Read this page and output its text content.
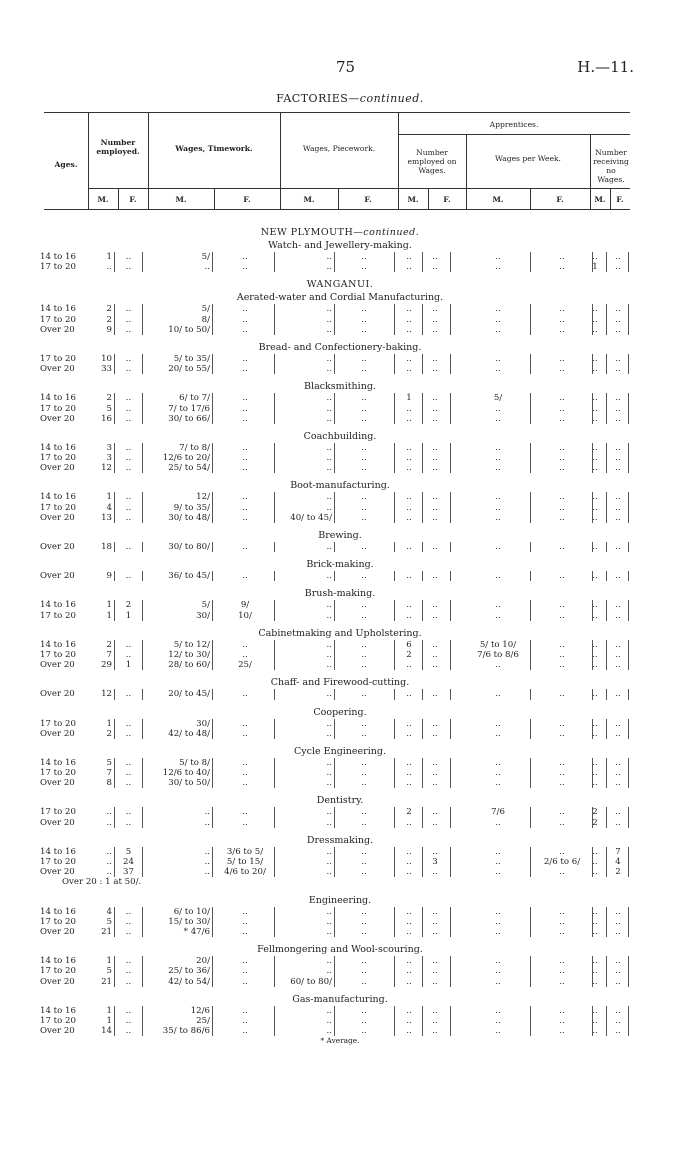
75	H.—11.
FACTORIES—continued.
Ages.
Number employed.	Wages, Timework.	Wages, Piecework.
Apprentices.
Number employed on Wages.
Wages per Week.
Number receiving no Wages.
M.	F.	M.	F.	M.	F.	M.	F.	M.	F.	M.	F.
NEW PLYMOUTH—continued.
Watch- and Jewellery-making.
14 to 16	1	..	5/	..	..	..	..	..	..	..	..	..
17 to 20	..	..	..	..	..	..	..	..	..	..	1	..
WANGANUI.
Aerated-water and Cordial Manufacturing.
14 to 16	2	..	5/	..	..	..	..	..	..	..	..	..
17 to 20	2	..	8/	..	..	..	..	..	..	..	..	..
Over 20	9	..	10/ to 50/	..	..	..	..	..	..	..	..	..
Bread- and Confectionery-baking.
17 to 20	10	..	5/ to 35/	..	..	..	..	..	..	..	..	..
Over 20	33	..	20/ to 55/	..	..	..	..	..	..	..	..	..
Blacksmithing.
14 to 16	2	..	6/ to 7/	..	..	..	1	..	5/	..	..	..
17 to 20	5	..	7/ to 17/6	..	..	..	..	..	..	..	..	..
Over 20	16	..	30/ to 66/	..	..	..	..	..	..	..	..	..
Coachbuilding.
14 to 16	3	..	7/ to 8/	..	..	..	..	..	..	..	..	..
17 to 20	3	..	12/6 to 20/	..	..	..	..	..	..	..	..	..
Over 20	12	..	25/ to 54/	..	..	..	..	..	..	..	..	..
Boot-manufacturing.
14 to 16	1	..	12/	..	..	..	..	..	..	..	..	..
17 to 20	4	..	9/ to 35/	..	..	..	..	..	..	..	..	..
Over 20	13	..	30/ to 48/	..	40/ to 45/	..	..	..	..	..	..	..
Brewing.
Over 20	18	..	30/ to 80/	..	..	..	..	..	..	..	..	..
Brick-making.
Over 20	9	..	36/ to 45/	..	..	..	..	..	..	..	..	..
Brush-making.
14 to 16	1	2	5/	9/	..	..	..	..	..	..	..	..
17 to 20	1	1	30/	10/	..	..	..	..	..	..	..	..
Cabinetmaking and Upholstering.
14 to 16	2	..	5/ to 12/	..	..	..	6	..	5/ to 10/	..	..	..
17 to 20	7	..	12/ to 30/	..	..	..	2	..	7/6 to 8/6	..	..	..
Over 20	29	1	28/ to 60/	25/	..	..	..	..	..	..	..	..
Chaff- and Firewood-cutting.
Over 20	12	..	20/ to 45/	..	..	..	..	..	..	..	..	..
Coopering.
17 to 20	1	..	30/	..	..	..	..	..	..	..	..	..
Over 20	2	..	42/ to 48/	..	..	..	..	..	..	..	..	..
Cycle Engineering.
14 to 16	5	..	5/ to 8/	..	..	..	..	..	..	..	..	..
17 to 20	7	..	12/6 to 40/	..	..	..	..	..	..	..	..	..
Over 20	8	..	30/ to 50/	..	..	..	..	..	..	..	..	..
Dentistry.
17 to 20	..	..	..	..	..	..	2	..	7/6	..	2	..
Over 20	..	..	..	..	..	..	..	..	..	..	2	..
Dressmaking.
14 to 16	..	5	..	3/6 to 5/	..	..	..	..	..	..	..	7
17 to 20	..	24	..	5/ to 15/	..	..	..	3	..	2/6 to 6/	..	4
Over 20	..	37	..	4/6 to 20/	..	..	..	..	..	..	..	2
Over 20 : 1 at 50/.
Engineering.
14 to 16	4	..	6/ to 10/	..	..	..	..	..	..	..	..	..
17 to 20	5	..	15/ to 30/	..	..	..	..	..	..	..	..	..
Over 20	21	..	* 47/6	..	..	..	..	..	..	..	..	..
Fellmongering and Wool-scouring.
14 to 16	1	..	20/	..	..	..	..	..	..	..	..	..
17 to 20	5	..	25/ to 36/	..	..	..	..	..	..	..	..	..
Over 20	21	..	42/ to 54/	..	60/ to 80/	..	..	..	..	..	..	..
Gas-manufacturing.
14 to 16	1	..	12/6	..	..	..	..	..	..	..	..	..
17 to 20	1	..	25/	..	..	..	..	..	..	..	..	..
Over 20	14	..	35/ to 86/6	..	..	..	..	..	..	..	..	..
* Average.
